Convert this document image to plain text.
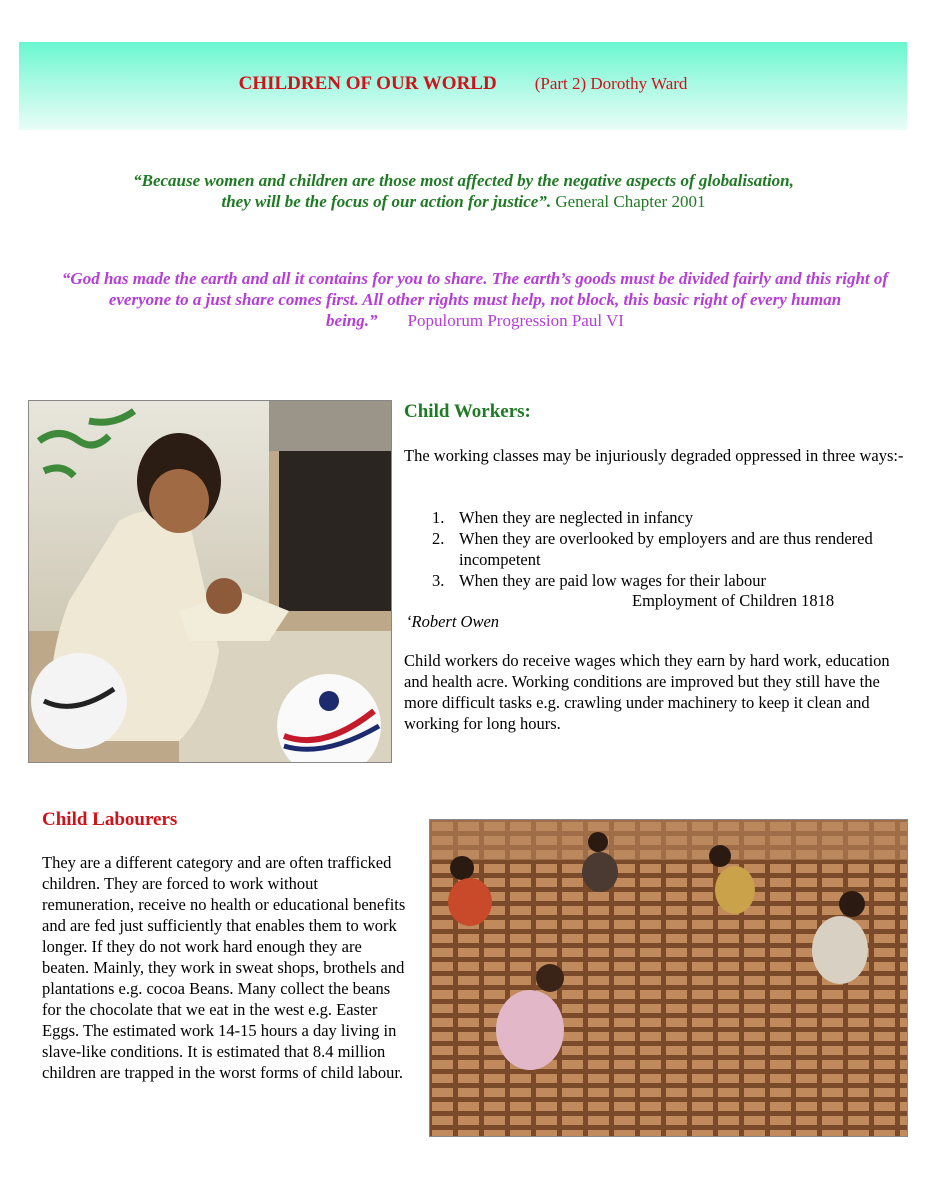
CHILDREN OF OUR WORLD (Part 2) Dorothy Ward
“Because women and children are those most affected by the negative aspects of globalisation,
they will be the focus of our action for justice”. General Chapter 2001
“God has made the earth and all it contains for you to share. The earth’s goods must be divided fairly and this right of everyone to a just share comes first. All other rights must help, not block, this basic right of every human being.” Populorum Progression Paul VI
Child Workers:

The working classes may be injuriously degraded oppressed in three ways:-

1. When they are neglected in infancy
2. When they are overlooked by employers and are thus rendered incompetent
3. When they are paid low wages for their labour
Employment of Children 1818
‘Robert Owen

Child workers do receive wages which they earn by hard work, education and health acre. Working conditions are improved but they still have the more difficult tasks e.g. crawling under machinery to keep it clean and working for long hours.

Child Labourers

They are a different category and are often trafficked children. They are forced to work without remuneration, receive no health or educational benefits and are fed just sufficiently that enables them to work longer. If they do not work hard enough they are beaten. Mainly, they work in sweat shops, brothels and plantations e.g. cocoa Beans. Many collect the beans for the chocolate that we eat in the west e.g. Easter Eggs. The estimated work 14-15 hours a day living in slave-like conditions. It is estimated that 8.4 million children are trapped in the worst forms of child labour.
